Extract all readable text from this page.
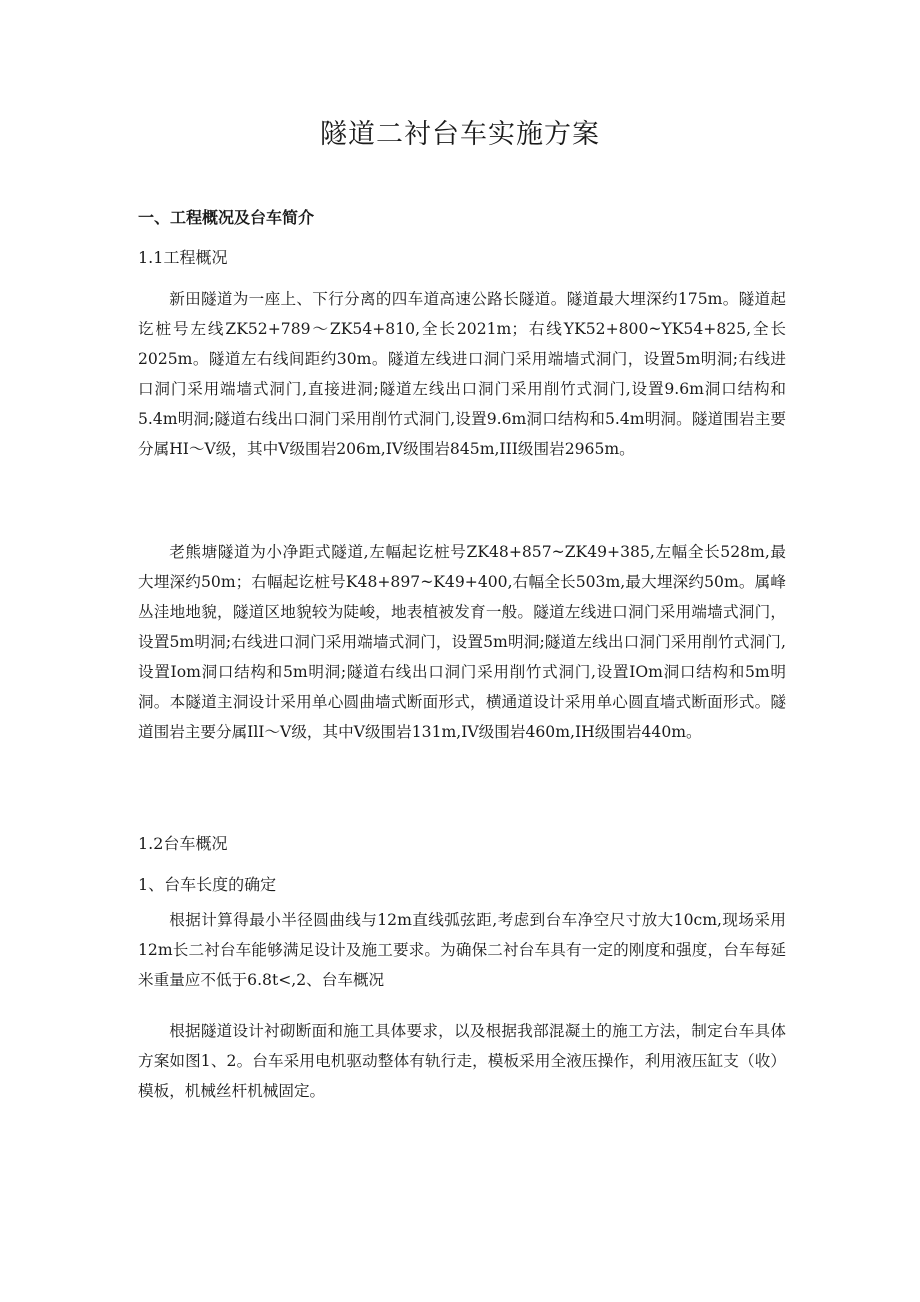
隧道二衬台车实施方案
一、工程概况及台车简介

1.1工程概况

新田隧道为一座上、下行分离的四车道高速公路长隧道。隧道最大埋深约175m。隧道起讫桩号左线ZK52+789～ZK54+810,全长2021m；右线YK52+800~YK54+825,全长2025m。隧道左右线间距约30m。隧道左线进口洞门采用端墙式洞门，设置5m明洞;右线进口洞门采用端墙式洞门,直接进洞;隧道左线出口洞门采用削竹式洞门,设置9.6m洞口结构和5.4m明洞;隧道右线出口洞门采用削竹式洞门,设置9.6m洞口结构和5.4m明洞。隧道围岩主要分属HI～V级，其中V级围岩206m,IV级围岩845m,III级围岩2965m。

老熊塘隧道为小净距式隧道,左幅起讫桩号ZK48+857~ZK49+385,左幅全长528m,最大埋深约50m；右幅起讫桩号K48+897~K49+400,右幅全长503m,最大埋深约50m。属峰丛洼地地貌，隧道区地貌较为陡峻，地表植被发育一般。隧道左线进口洞门采用端墙式洞门，设置5m明洞;右线进口洞门采用端墙式洞门，设置5m明洞;隧道左线出口洞门采用削竹式洞门,设置Iom洞口结构和5m明洞;隧道右线出口洞门采用削竹式洞门,设置IOm洞口结构和5m明洞。本隧道主洞设计采用单心圆曲墙式断面形式，横通道设计采用单心圆直墙式断面形式。隧道围岩主要分属IlI～V级，其中V级围岩131m,IV级围岩460m,IH级围岩440m。

1.2台车概况

1、台车长度的确定

根据计算得最小半径圆曲线与12m直线弧弦距,考虑到台车净空尺寸放大10cm,现场采用12m长二衬台车能够满足设计及施工要求。为确保二衬台车具有一定的刚度和强度，台车每延米重量应不低于6.8t<,2、台车概况

根据隧道设计衬砌断面和施工具体要求，以及根据我部混凝土的施工方法，制定台车具体方案如图1、2。台车采用电机驱动整体有轨行走，模板采用全液压操作，利用液压缸支（收）模板，机械丝杆机械固定。
